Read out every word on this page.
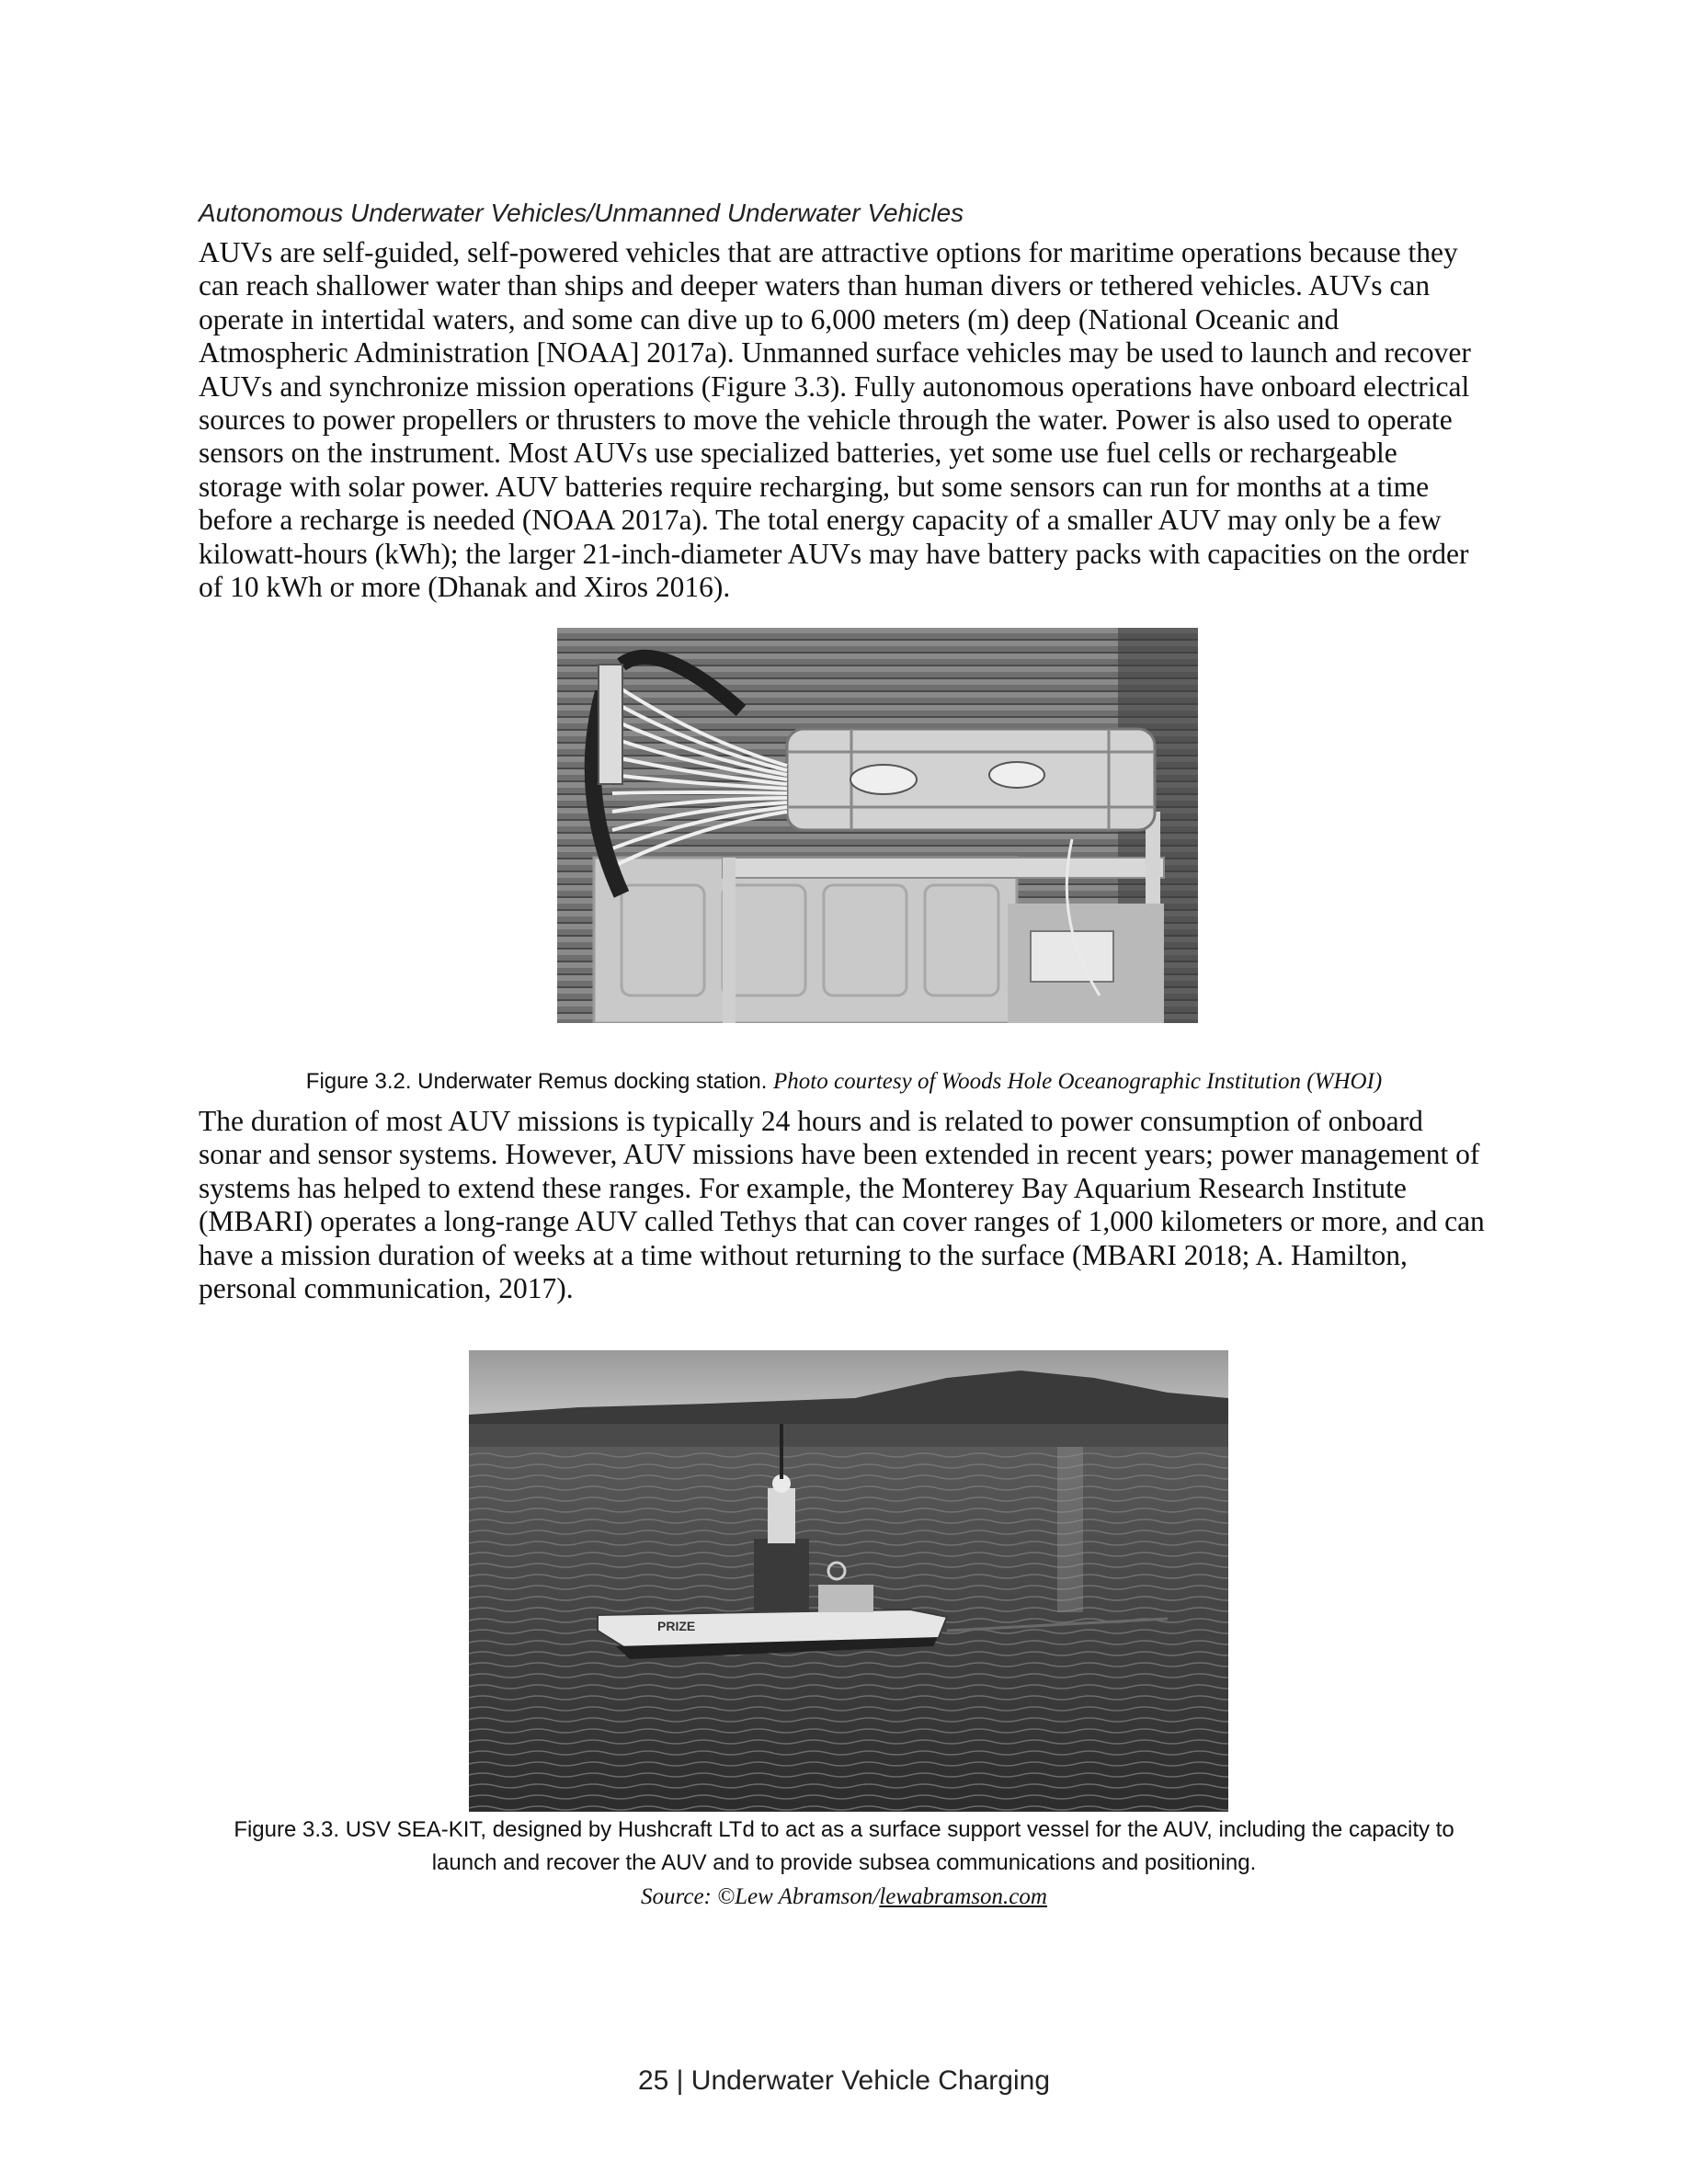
Autonomous Underwater Vehicles/Unmanned Underwater Vehicles
AUVs are self-guided, self-powered vehicles that are attractive options for maritime operations because they
can reach shallower water than ships and deeper waters than human divers or tethered vehicles. AUVs can
operate in intertidal waters, and some can dive up to 6,000 meters (m) deep (National Oceanic and
Atmospheric Administration [NOAA] 2017a). Unmanned surface vehicles may be used to launch and recover
AUVs and synchronize mission operations (Figure 3.3). Fully autonomous operations have onboard electrical
sources to power propellers or thrusters to move the vehicle through the water. Power is also used to operate
sensors on the instrument. Most AUVs use specialized batteries, yet some use fuel cells or rechargeable
storage with solar power. AUV batteries require recharging, but some sensors can run for months at a time
before a recharge is needed (NOAA 2017a). The total energy capacity of a smaller AUV may only be a few
kilowatt-hours (kWh); the larger 21-inch-diameter AUVs may have battery packs with capacities on the order
of 10 kWh or more (Dhanak and Xiros 2016).
Figure 3.2. Underwater Remus docking station. Photo courtesy of Woods Hole Oceanographic Institution (WHOI)
The duration of most AUV missions is typically 24 hours and is related to power consumption of onboard
sonar and sensor systems. However, AUV missions have been extended in recent years; power management of
systems has helped to extend these ranges. For example, the Monterey Bay Aquarium Research Institute
(MBARI) operates a long-range AUV called Tethys that can cover ranges of 1,000 kilometers or more, and can
have a mission duration of weeks at a time without returning to the surface (MBARI 2018; A. Hamilton,
personal communication, 2017).
PRIZE
Figure 3.3. USV SEA-KIT, designed by Hushcraft LTd to act as a surface support vessel for the AUV, including the capacity to
launch and recover the AUV and to provide subsea communications and positioning.
Source: ©Lew Abramson/lewabramson.com
25 | Underwater Vehicle Charging
